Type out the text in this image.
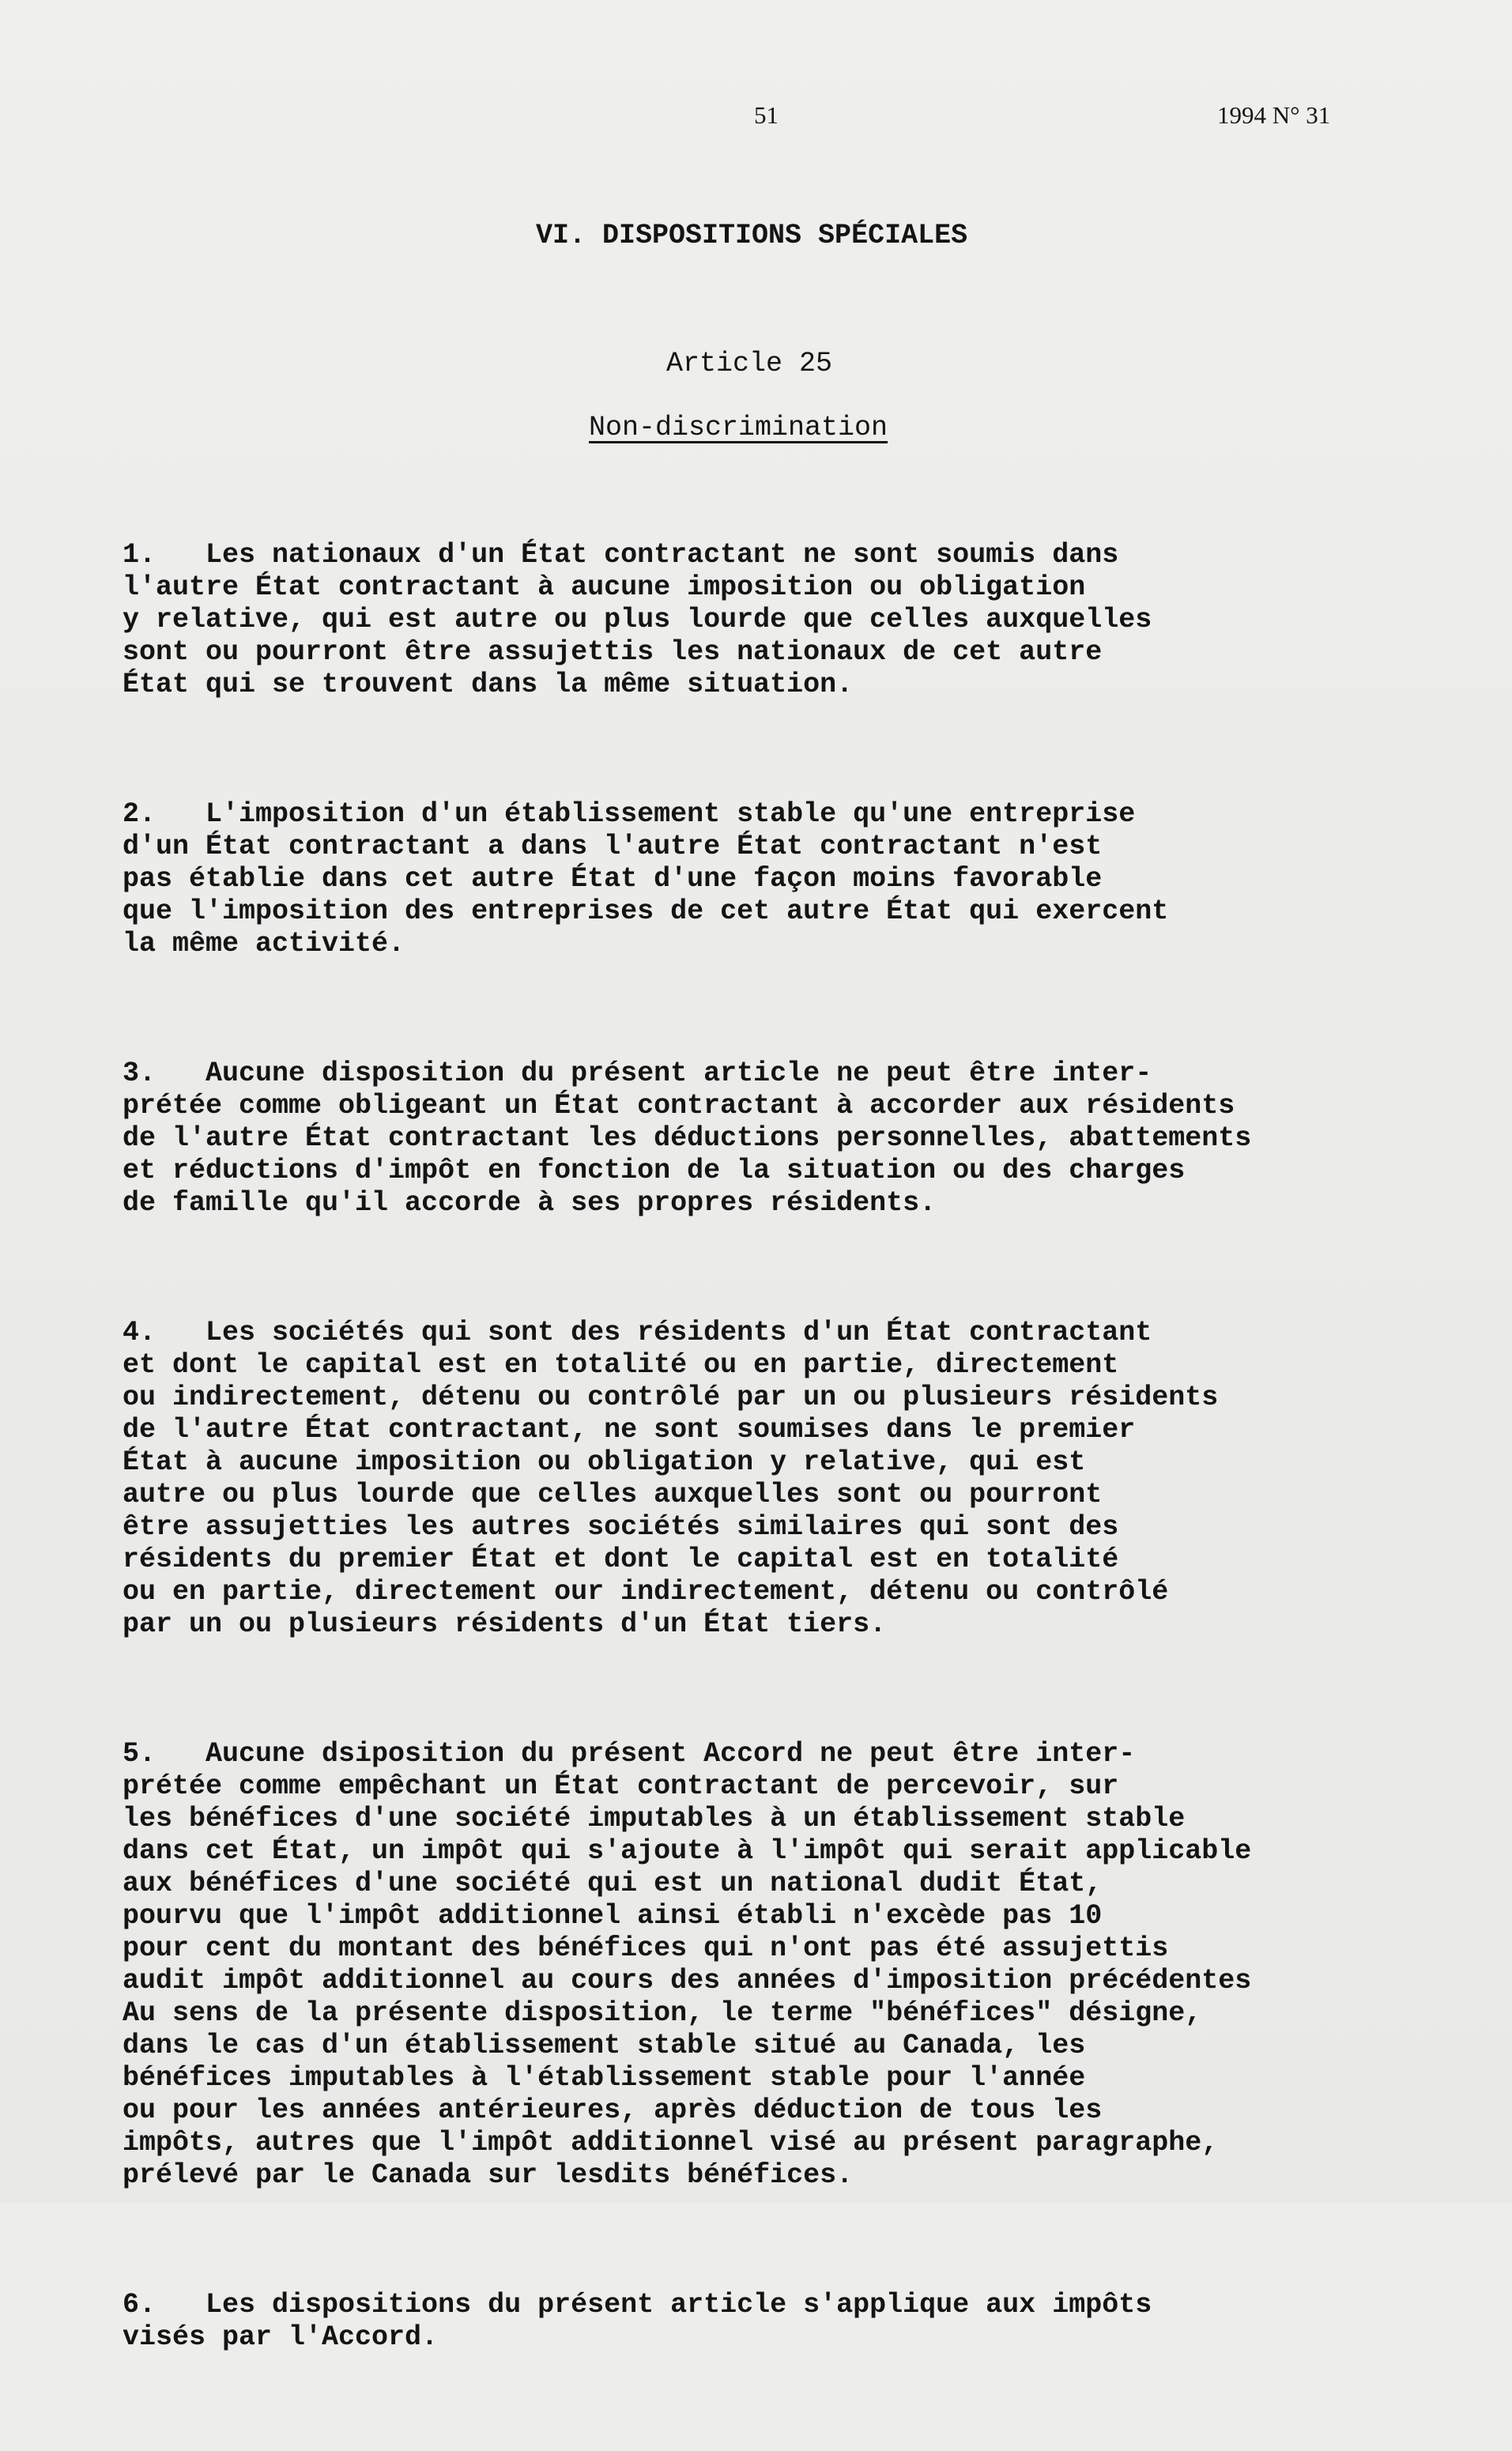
51	1994 N° 31
VI. DISPOSITIONS SPÉCIALES
Article 25
Non-discrimination

1.   Les nationaux d'un État contractant ne sont soumis dans
l'autre État contractant à aucune imposition ou obligation
y relative, qui est autre ou plus lourde que celles auxquelles
sont ou pourront être assujettis les nationaux de cet autre
État qui se trouvent dans la même situation.

2.   L'imposition d'un établissement stable qu'une entreprise
d'un État contractant a dans l'autre État contractant n'est
pas établie dans cet autre État d'une façon moins favorable
que l'imposition des entreprises de cet autre État qui exercent
la même activité.

3.   Aucune disposition du présent article ne peut être inter-
prétée comme obligeant un État contractant à accorder aux résidents
de l'autre État contractant les déductions personnelles, abattements
et réductions d'impôt en fonction de la situation ou des charges
de famille qu'il accorde à ses propres résidents.

4.   Les sociétés qui sont des résidents d'un État contractant
et dont le capital est en totalité ou en partie, directement
ou indirectement, détenu ou contrôlé par un ou plusieurs résidents
de l'autre État contractant, ne sont soumises dans le premier
État à aucune imposition ou obligation y relative, qui est
autre ou plus lourde que celles auxquelles sont ou pourront
être assujetties les autres sociétés similaires qui sont des
résidents du premier État et dont le capital est en totalité
ou en partie, directement our indirectement, détenu ou contrôlé
par un ou plusieurs résidents d'un État tiers.

5.   Aucune dsiposition du présent Accord ne peut être inter-
prétée comme empêchant un État contractant de percevoir, sur
les bénéfices d'une société imputables à un établissement stable
dans cet État, un impôt qui s'ajoute à l'impôt qui serait applicable
aux bénéfices d'une société qui est un national dudit État,
pourvu que l'impôt additionnel ainsi établi n'excède pas 10
pour cent du montant des bénéfices qui n'ont pas été assujettis
audit impôt additionnel au cours des années d'imposition précédentes
Au sens de la présente disposition, le terme "bénéfices" désigne,
dans le cas d'un établissement stable situé au Canada, les
bénéfices imputables à l'établissement stable pour l'année
ou pour les années antérieures, après déduction de tous les
impôts, autres que l'impôt additionnel visé au présent paragraphe,
prélevé par le Canada sur lesdits bénéfices.

6.   Les dispositions du présent article s'applique aux impôts
visés par l'Accord.
